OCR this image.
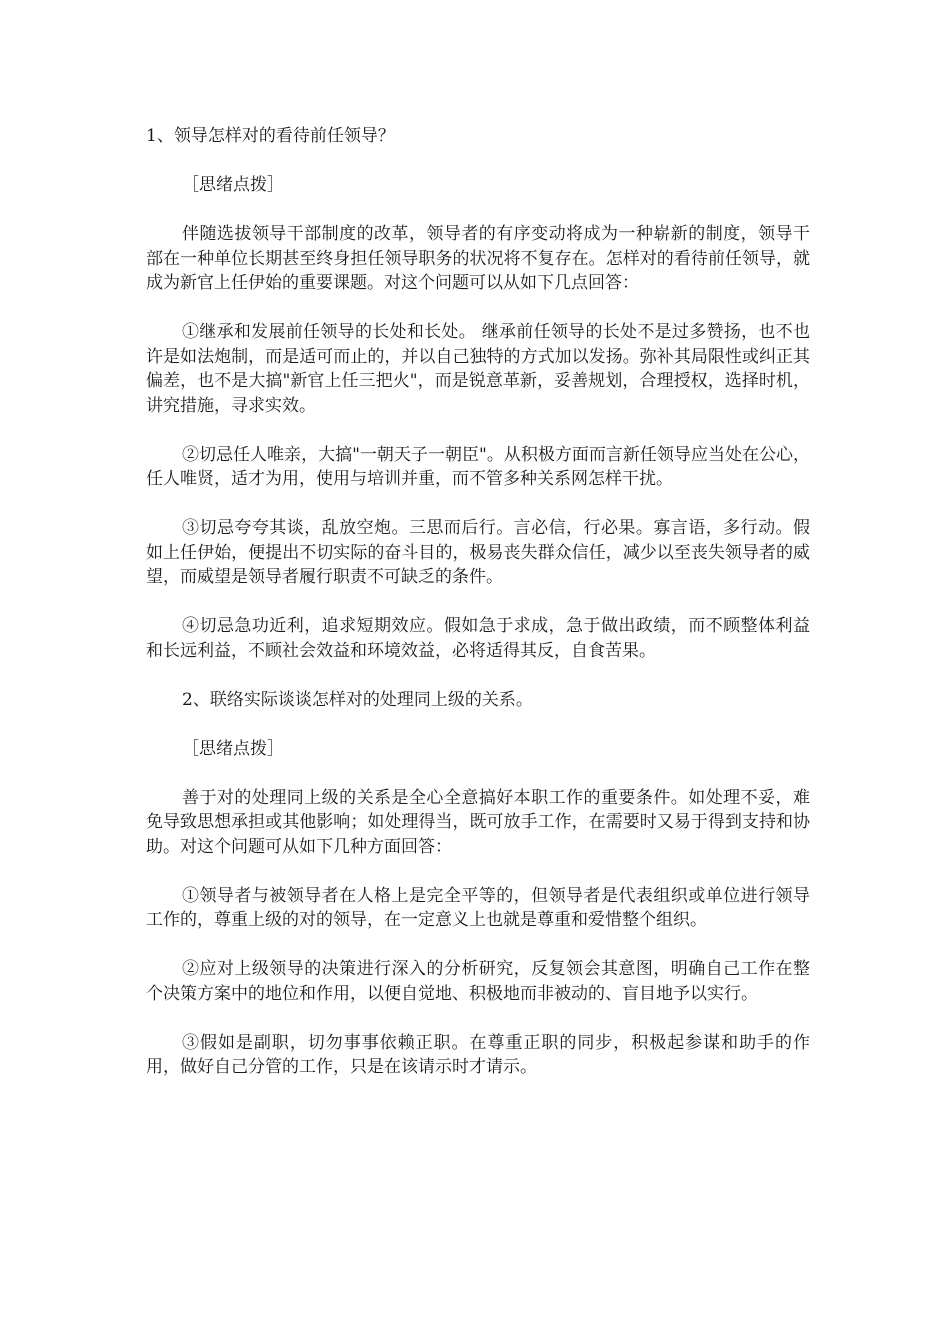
1、领导怎样对的看待前任领导？

［思绪点拨］

伴随选拔领导干部制度的改革，领导者的有序变动将成为一种崭新的制度，领导干部在一种单位长期甚至终身担任领导职务的状况将不复存在。怎样对的看待前任领导，就成为新官上任伊始的重要课题。对这个问题可以从如下几点回答：

①继承和发展前任领导的长处和长处。 继承前任领导的长处不是过多赞扬，也不也许是如法炮制，而是适可而止的，并以自己独特的方式加以发扬。弥补其局限性或纠正其偏差，也不是大搞"新官上任三把火"，而是锐意革新，妥善规划，合理授权，选择时机，讲究措施，寻求实效。

②切忌任人唯亲，大搞"一朝天子一朝臣"。从积极方面而言新任领导应当处在公心，任人唯贤，适才为用，使用与培训并重，而不管多种关系网怎样干扰。

③切忌夸夸其谈，乱放空炮。三思而后行。言必信，行必果。寡言语，多行动。假如上任伊始，便提出不切实际的奋斗目的，极易丧失群众信任，减少以至丧失领导者的威望，而威望是领导者履行职责不可缺乏的条件。

④切忌急功近利，追求短期效应。假如急于求成，急于做出政绩，而不顾整体利益和长远利益，不顾社会效益和环境效益，必将适得其反，自食苦果。

2、联络实际谈谈怎样对的处理同上级的关系。

［思绪点拨］

善于对的处理同上级的关系是全心全意搞好本职工作的重要条件。如处理不妥，难免导致思想承担或其他影响；如处理得当，既可放手工作，在需要时又易于得到支持和协助。对这个问题可从如下几种方面回答：

①领导者与被领导者在人格上是完全平等的，但领导者是代表组织或单位进行领导工作的，尊重上级的对的领导，在一定意义上也就是尊重和爱惜整个组织。

②应对上级领导的决策进行深入的分析研究，反复领会其意图，明确自己工作在整个决策方案中的地位和作用，以便自觉地、积极地而非被动的、盲目地予以实行。

③假如是副职，切勿事事依赖正职。在尊重正职的同步，积极起参谋和助手的作用，做好自己分管的工作，只是在该请示时才请示。
